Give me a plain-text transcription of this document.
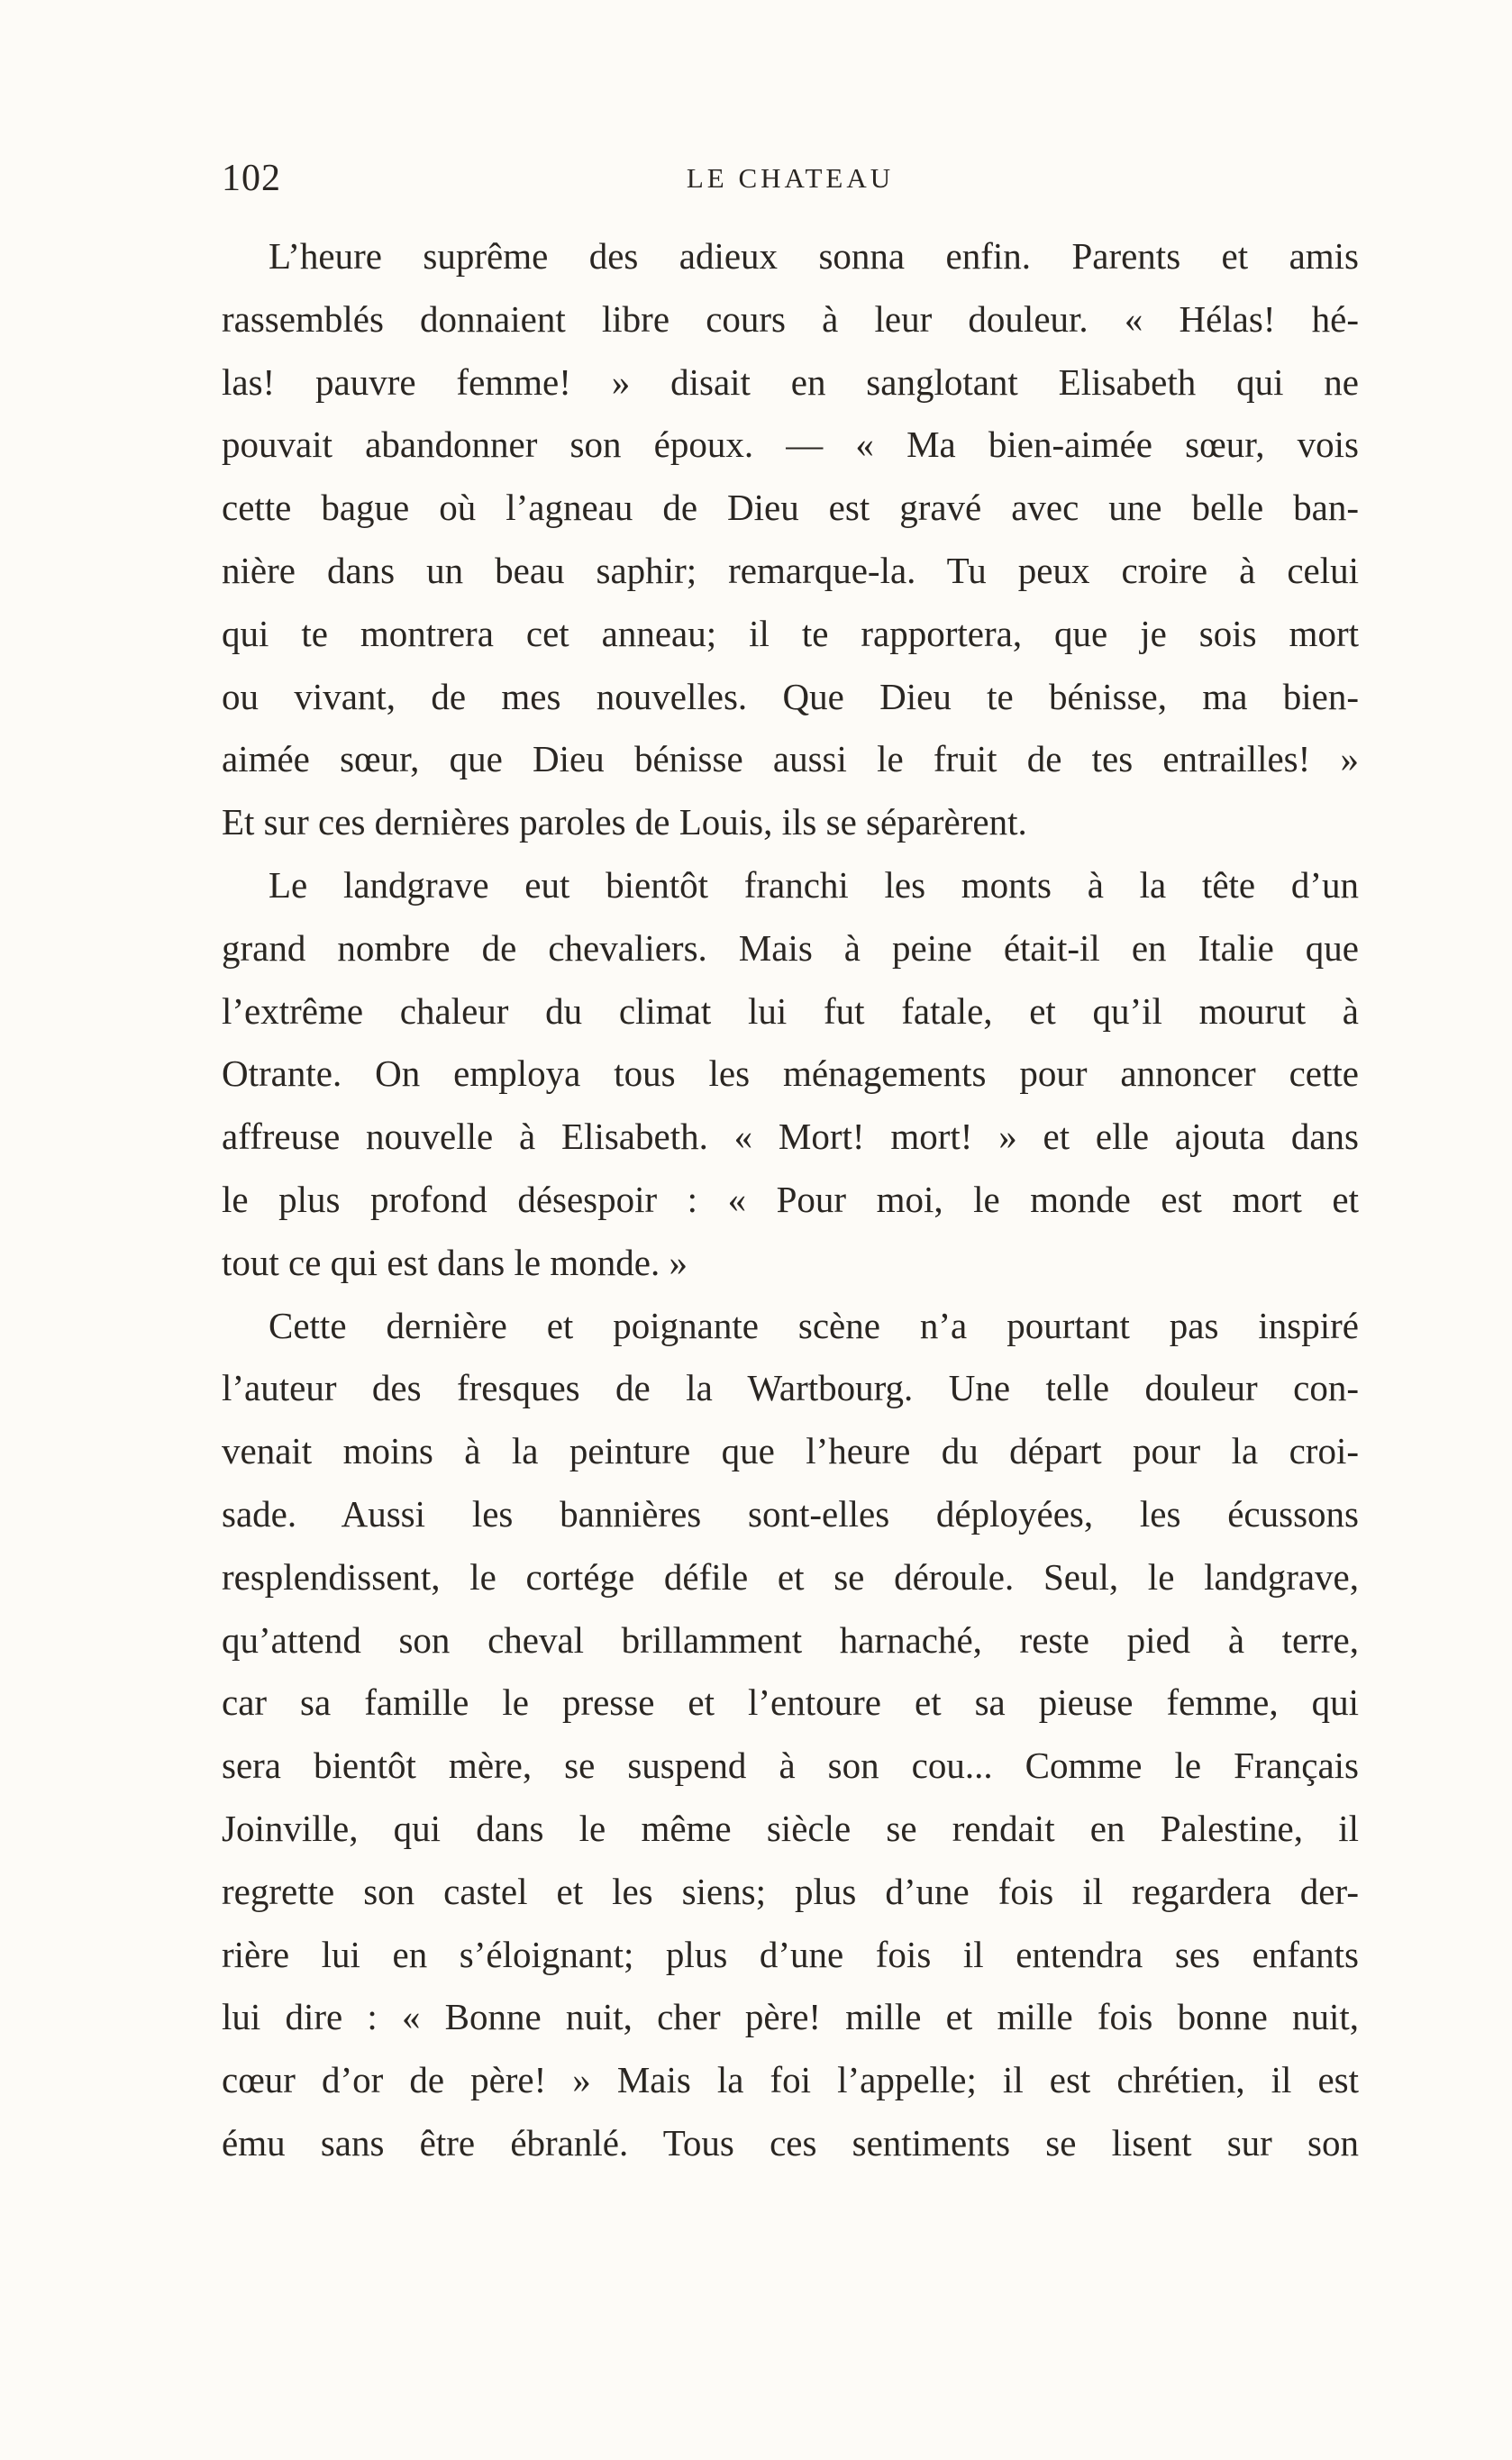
102	LE CHATEAU
L’heure suprême des adieux sonna enfin. Parents et amis
rassemblés donnaient libre cours à leur douleur. « Hélas! hé-
las! pauvre femme! » disait en sanglotant Elisabeth qui ne
pouvait abandonner son époux. — « Ma bien-aimée sœur, vois
cette bague où l’agneau de Dieu est gravé avec une belle ban-
nière dans un beau saphir; remarque-la. Tu peux croire à celui
qui te montrera cet anneau; il te rapportera, que je sois mort
ou vivant, de mes nouvelles. Que Dieu te bénisse, ma bien-
aimée sœur, que Dieu bénisse aussi le fruit de tes entrailles! »
Et sur ces dernières paroles de Louis, ils se séparèrent.
Le landgrave eut bientôt franchi les monts à la tête d’un
grand nombre de chevaliers. Mais à peine était-il en Italie que
l’extrême chaleur du climat lui fut fatale, et qu’il mourut à
Otrante. On employa tous les ménagements pour annoncer cette
affreuse nouvelle à Elisabeth. « Mort! mort! » et elle ajouta dans
le plus profond désespoir : « Pour moi, le monde est mort et
tout ce qui est dans le monde. »
Cette dernière et poignante scène n’a pourtant pas inspiré
l’auteur des fresques de la Wartbourg. Une telle douleur con-
venait moins à la peinture que l’heure du départ pour la croi-
sade. Aussi les bannières sont-elles déployées, les écussons
resplendissent, le cortége défile et se déroule. Seul, le landgrave,
qu’attend son cheval brillamment harnaché, reste pied à terre,
car sa famille le presse et l’entoure et sa pieuse femme, qui
sera bientôt mère, se suspend à son cou... Comme le Français
Joinville, qui dans le même siècle se rendait en Palestine, il
regrette son castel et les siens; plus d’une fois il regardera der-
rière lui en s’éloignant; plus d’une fois il entendra ses enfants
lui dire : « Bonne nuit, cher père! mille et mille fois bonne nuit,
cœur d’or de père! » Mais la foi l’appelle; il est chrétien, il est
ému sans être ébranlé. Tous ces sentiments se lisent sur son
